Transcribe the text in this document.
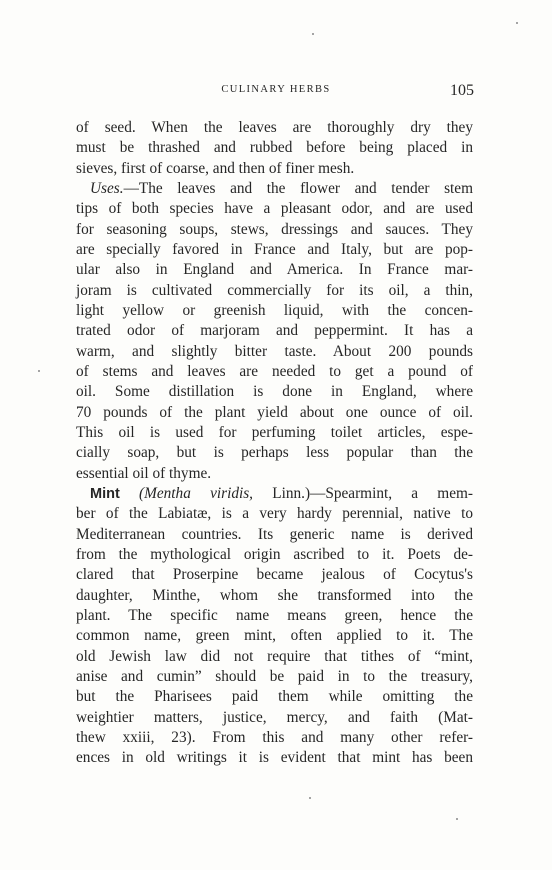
CULINARY HERBS	105
of seed. When the leaves are thoroughly dry they
must be thrashed and rubbed before being placed in
sieves, first of coarse, and then of finer mesh.
Uses.—The leaves and the flower and tender stem
tips of both species have a pleasant odor, and are used
for seasoning soups, stews, dressings and sauces. They
are specially favored in France and Italy, but are pop-
ular also in England and America. In France mar-
joram is cultivated commercially for its oil, a thin,
light yellow or greenish liquid, with the concen-
trated odor of marjoram and peppermint. It has a
warm, and slightly bitter taste. About 200 pounds
of stems and leaves are needed to get a pound of
oil. Some distillation is done in England, where
70 pounds of the plant yield about one ounce of oil.
This oil is used for perfuming toilet articles, espe-
cially soap, but is perhaps less popular than the
essential oil of thyme.
Mint (Mentha viridis, Linn.)—Spearmint, a mem-
ber of the Labiatæ, is a very hardy perennial, native to
Mediterranean countries. Its generic name is derived
from the mythological origin ascribed to it. Poets de-
clared that Proserpine became jealous of Cocytus's
daughter, Minthe, whom she transformed into the
plant. The specific name means green, hence the
common name, green mint, often applied to it. The
old Jewish law did not require that tithes of “mint,
anise and cumin” should be paid in to the treasury,
but the Pharisees paid them while omitting the
weightier matters, justice, mercy, and faith (Mat-
thew xxiii, 23). From this and many other refer-
ences in old writings it is evident that mint has been
